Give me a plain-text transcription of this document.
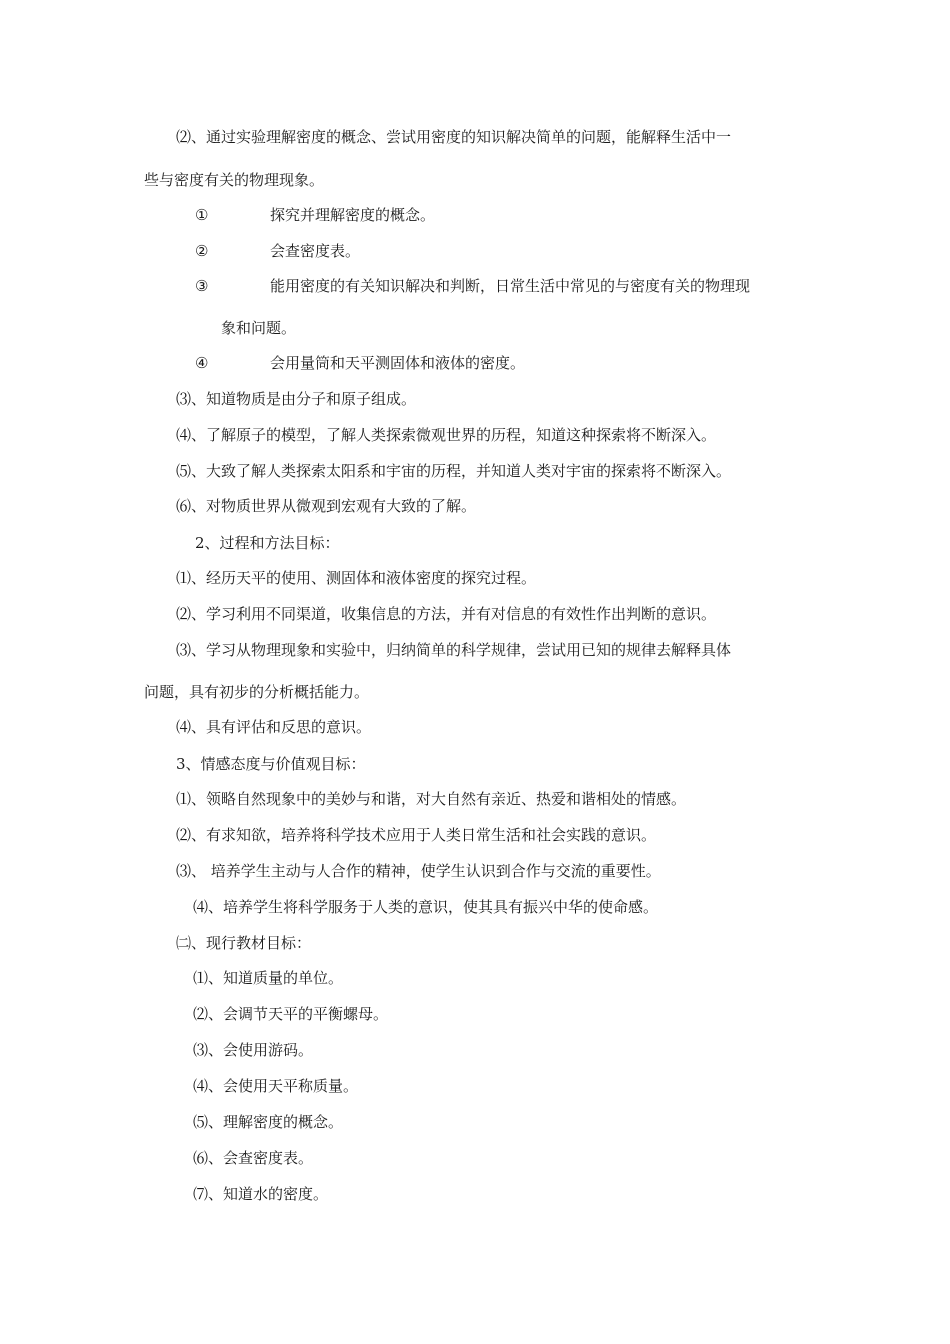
⑵、通过实验理解密度的概念、尝试用密度的知识解决简单的问题，能解释生活中一
些与密度有关的物理现象。
①	探究并理解密度的概念。
②	会查密度表。
③	能用密度的有关知识解决和判断，日常生活中常见的与密度有关的物理现
象和问题。
④	会用量筒和天平测固体和液体的密度。
⑶、知道物质是由分子和原子组成。
⑷、了解原子的模型，了解人类探索微观世界的历程，知道这种探索将不断深入。
⑸、大致了解人类探索太阳系和宇宙的历程，并知道人类对宇宙的探索将不断深入。
⑹、对物质世界从微观到宏观有大致的了解。
2、过程和方法目标：
⑴、经历天平的使用、测固体和液体密度的探究过程。
⑵、学习利用不同渠道，收集信息的方法，并有对信息的有效性作出判断的意识。
⑶、学习从物理现象和实验中，归纳简单的科学规律，尝试用已知的规律去解释具体
问题，具有初步的分析概括能力。
⑷、具有评估和反思的意识。
3、情感态度与价值观目标：
⑴、领略自然现象中的美妙与和谐，对大自然有亲近、热爱和谐相处的情感。
⑵、有求知欲，培养将科学技术应用于人类日常生活和社会实践的意识。
⑶、 培养学生主动与人合作的精神，使学生认识到合作与交流的重要性。
⑷、培养学生将科学服务于人类的意识，使其具有振兴中华的使命感。
㈡、现行教材目标：
⑴、知道质量的单位。
⑵、会调节天平的平衡螺母。
⑶、会使用游码。
⑷、会使用天平称质量。
⑸、理解密度的概念。
⑹、会查密度表。
⑺、知道水的密度。
